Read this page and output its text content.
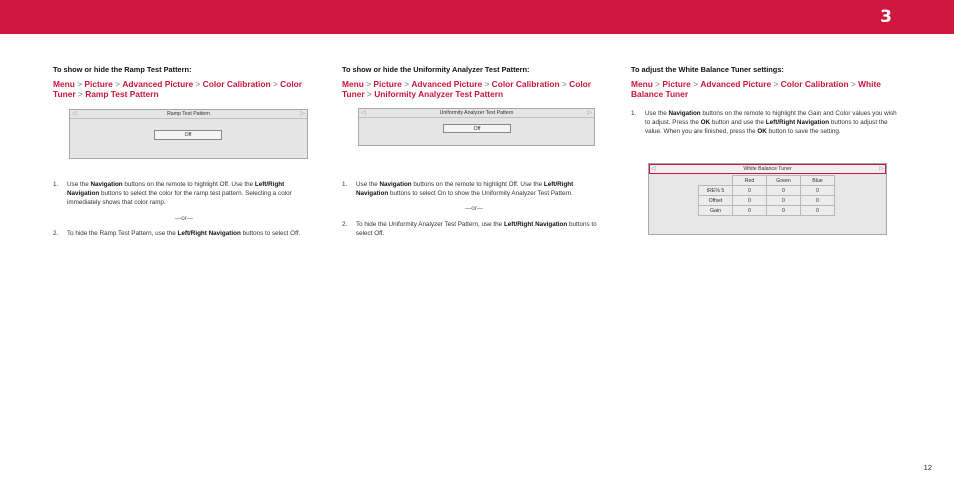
3
To show or hide the Ramp Test Pattern:
Menu > Picture > Advanced Picture > Color Calibration > Color Tuner > Ramp Test Pattern
Ramp Test Pattern
◁	▷
Off
1. Use the Navigation buttons on the remote to highlight Off. Use the Left/Right Navigation buttons to select the color for the ramp test pattern. Selecting a color immediately shows that color ramp.
—or—
2. To hide the Ramp Test Pattern, use the Left/Right Navigation buttons to select Off.
To show or hide the Uniformity Analyzer Test Pattern:
Menu > Picture > Advanced Picture > Color Calibration > Color Tuner > Uniformity Analyzer Test Pattern
Uniformity Analyzer Test Pattern
◁	▷
Off
1. Use the Navigation buttons on the remote to highlight Off. Use the Left/Right Navigation buttons to select On to show the Uniformity Analyzer Test Pattern.
—or—
2. To hide the Uniformity Analyzer Test Pattern, use the Left/Right Navigation buttons to select Off.
To adjust the White Balance Tuner settings:
Menu > Picture > Advanced Picture > Color Calibration > White Balance Tuner
1. Use the Navigation buttons on the remote to highlight the Gain and Color values you wish to adjust. Press the OK button and use the Left/Right Navigation buttons to adjust the value. When you are finished, press the OK button to save the setting.
White Balance Tuner
◁	▷
	Red	Green	Blue
IRE% 5	0	0	0
Offset	0	0	0
Gain	0	0	0
12
